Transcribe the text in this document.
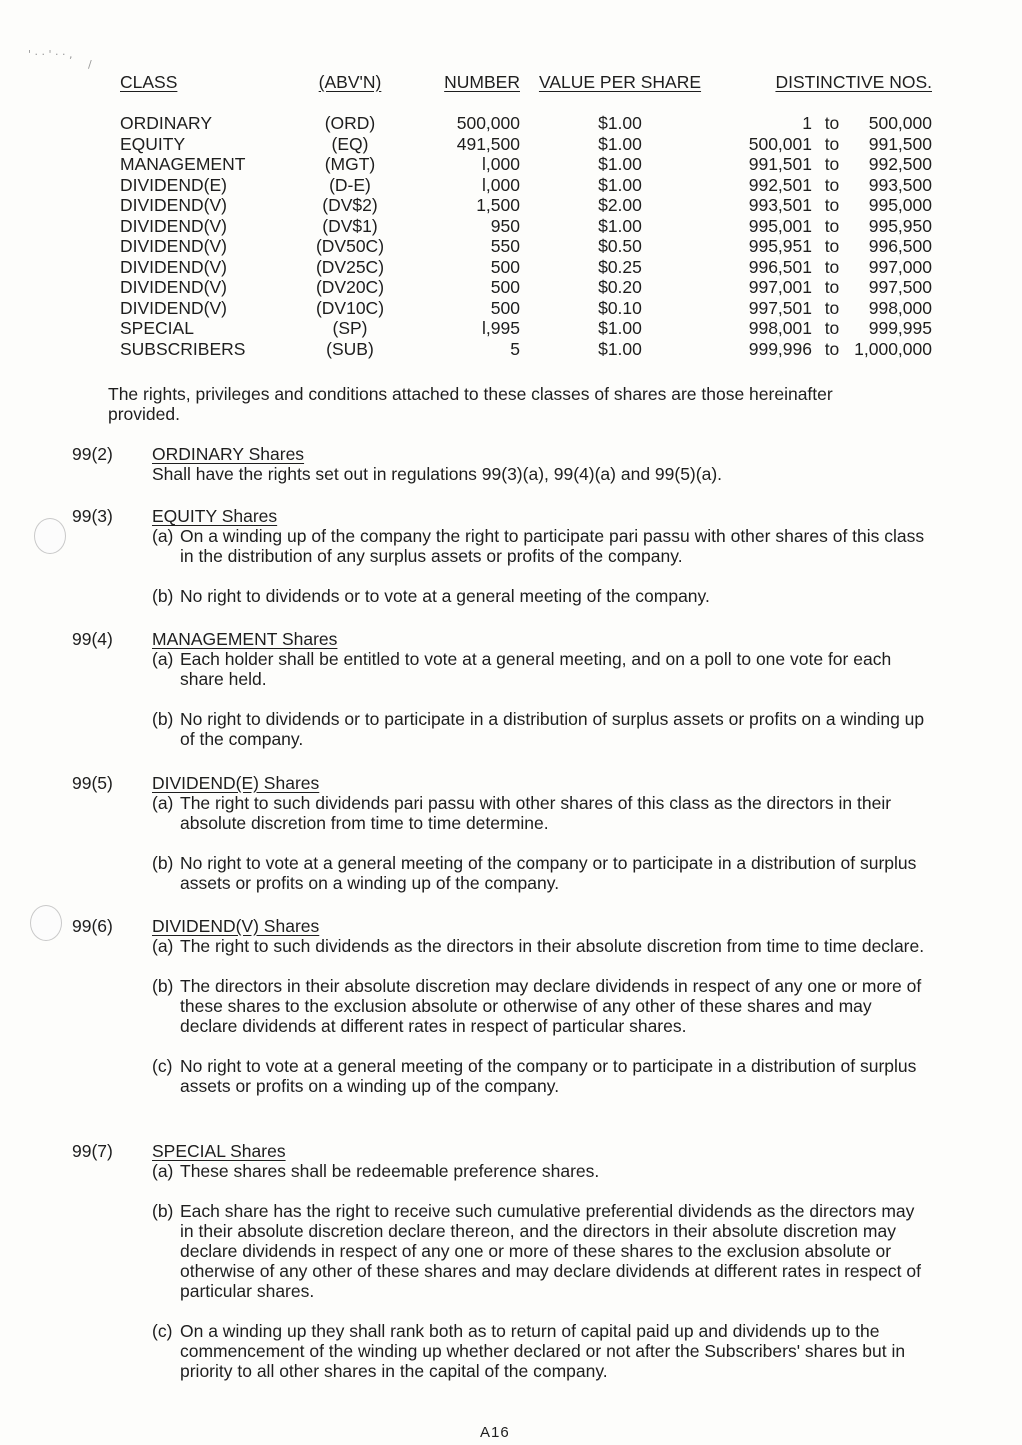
' · · ' · · ,
/
CLASS	(ABV'N)	NUMBER	VALUE PER SHARE	DISTINCTIVE NOS.
ORDINARY	(ORD)	500,000	$1.00	1 to 500,000
EQUITY	(EQ)	491,500	$1.00	500,001 to 991,500
MANAGEMENT	(MGT)	l,000	$1.00	991,501 to 992,500
DIVIDEND(E)	(D-E)	l,000	$1.00	992,501 to 993,500
DIVIDEND(V)	(DV$2)	1,500	$2.00	993,501 to 995,000
DIVIDEND(V)	(DV$1)	950	$1.00	995,001 to 995,950
DIVIDEND(V)	(DV50C)	550	$0.50	995,951 to 996,500
DIVIDEND(V)	(DV25C)	500	$0.25	996,501 to 997,000
DIVIDEND(V)	(DV20C)	500	$0.20	997,001 to 997,500
DIVIDEND(V)	(DV10C)	500	$0.10	997,501 to 998,000
SPECIAL	(SP)	l,995	$1.00	998,001 to 999,995
SUBSCRIBERS	(SUB)	5	$1.00	999,996 to 1,000,000

The rights, privileges and conditions attached to these classes of shares are those hereinafter provided.

99(2)	ORDINARY Shares
Shall have the rights set out in regulations 99(3)(a), 99(4)(a) and 99(5)(a).
99(3)	EQUITY Shares
(a) On a winding up of the company the right to participate pari passu with other shares of this class in the distribution of any surplus assets or profits of the company.
(b) No right to dividends or to vote at a general meeting of the company.
99(4)	MANAGEMENT Shares
(a) Each holder shall be entitled to vote at a general meeting, and on a poll to one vote for each share held.
(b) No right to dividends or to participate in a distribution of surplus assets or profits on a winding up of the company.
99(5)	DIVIDEND(E) Shares
(a) The right to such dividends pari passu with other shares of this class as the directors in their absolute discretion from time to time determine.
(b) No right to vote at a general meeting of the company or to participate in a distribution of surplus assets or profits on a winding up of the company.
99(6)	DIVIDEND(V) Shares
(a) The right to such dividends as the directors in their absolute discretion from time to time declare.
(b) The directors in their absolute discretion may declare dividends in respect of any one or more of these shares to the exclusion absolute or otherwise of any other of these shares and may declare dividends at different rates in respect of particular shares.
(c) No right to vote at a general meeting of the company or to participate in a distribution of surplus assets or profits on a winding up of the company.
99(7)	SPECIAL Shares
(a) These shares shall be redeemable preference shares.
(b) Each share has the right to receive such cumulative preferential dividends as the directors may in their absolute discretion declare thereon, and the directors in their absolute discretion may declare dividends in respect of any one or more of these shares to the exclusion absolute or otherwise of any other of these shares and may declare dividends at different rates in respect of particular shares.
(c) On a winding up they shall rank both as to return of capital paid up and dividends up to the commencement of the winding up whether declared or not after the Subscribers' shares but in priority to all other shares in the capital of the company.
A16
